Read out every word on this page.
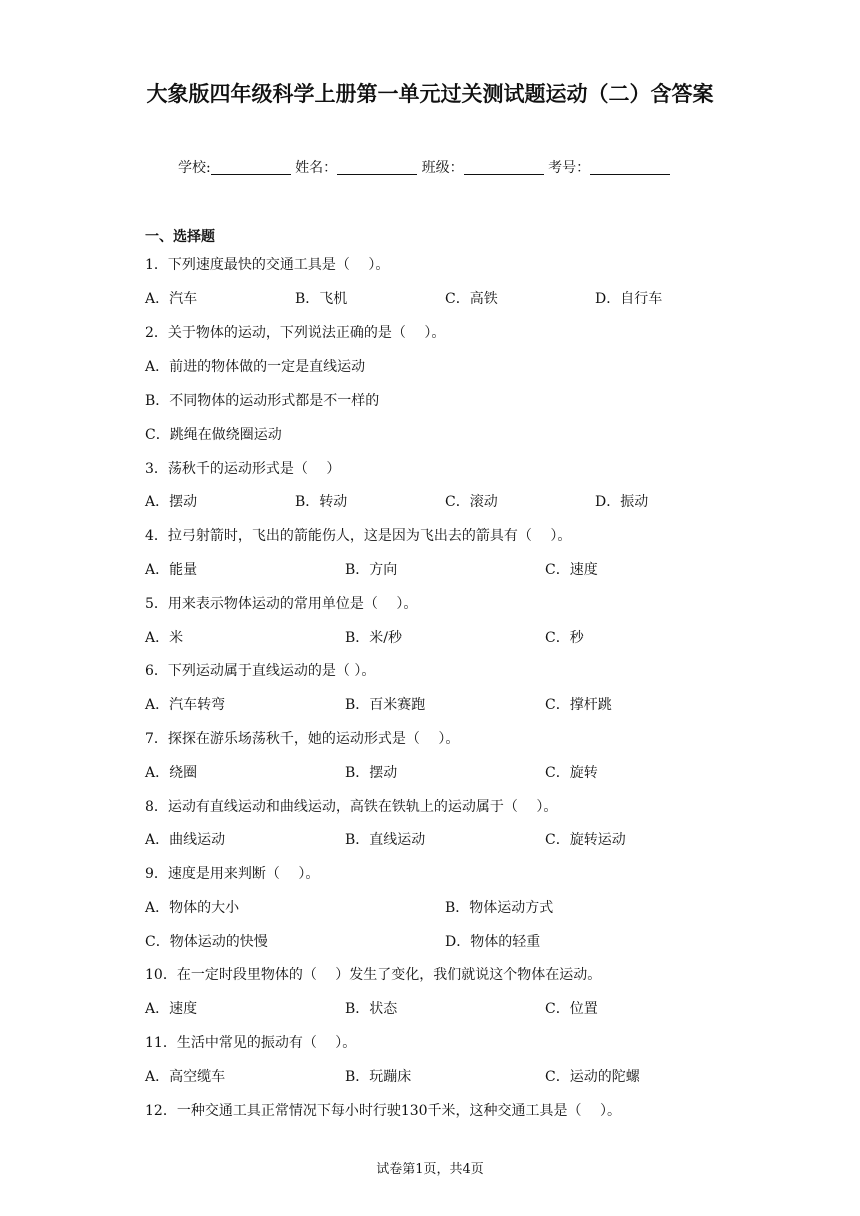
大象版四年级科学上册第一单元过关测试题运动（二）含答案
学校:	姓名：	班级：	考号：
一、选择题
1．下列速度最快的交通工具是（　 ）。
A．汽车	B．飞机	C．高铁	D．自行车
2．关于物体的运动，下列说法正确的是（　 ）。
A．前进的物体做的一定是直线运动
B．不同物体的运动形式都是不一样的
C．跳绳在做绕圈运动
3．荡秋千的运动形式是（　 ）
A．摆动	B．转动	C．滚动	D．振动
4．拉弓射箭时，飞出的箭能伤人，这是因为飞出去的箭具有（　 ）。
A．能量	B．方向	C．速度
5．用来表示物体运动的常用单位是（　 ）。
A．米	B．米/秒	C．秒
6．下列运动属于直线运动的是（ ）。
A．汽车转弯	B．百米赛跑	C．撑杆跳
7．探探在游乐场荡秋千，她的运动形式是（　 ）。
A．绕圈	B．摆动	C．旋转
8．运动有直线运动和曲线运动，高铁在铁轨上的运动属于（　 ）。
A．曲线运动	B．直线运动	C．旋转运动
9．速度是用来判断（　 ）。
A．物体的大小	B．物体运动方式
C．物体运动的快慢	D．物体的轻重
10．在一定时段里物体的（　 ）发生了变化，我们就说这个物体在运动。
A．速度	B．状态	C．位置
11．生活中常见的振动有（　 ）。
A．高空缆车	B．玩蹦床	C．运动的陀螺
12．一种交通工具正常情况下每小时行驶130千米，这种交通工具是（　 ）。
试卷第1页，共4页
